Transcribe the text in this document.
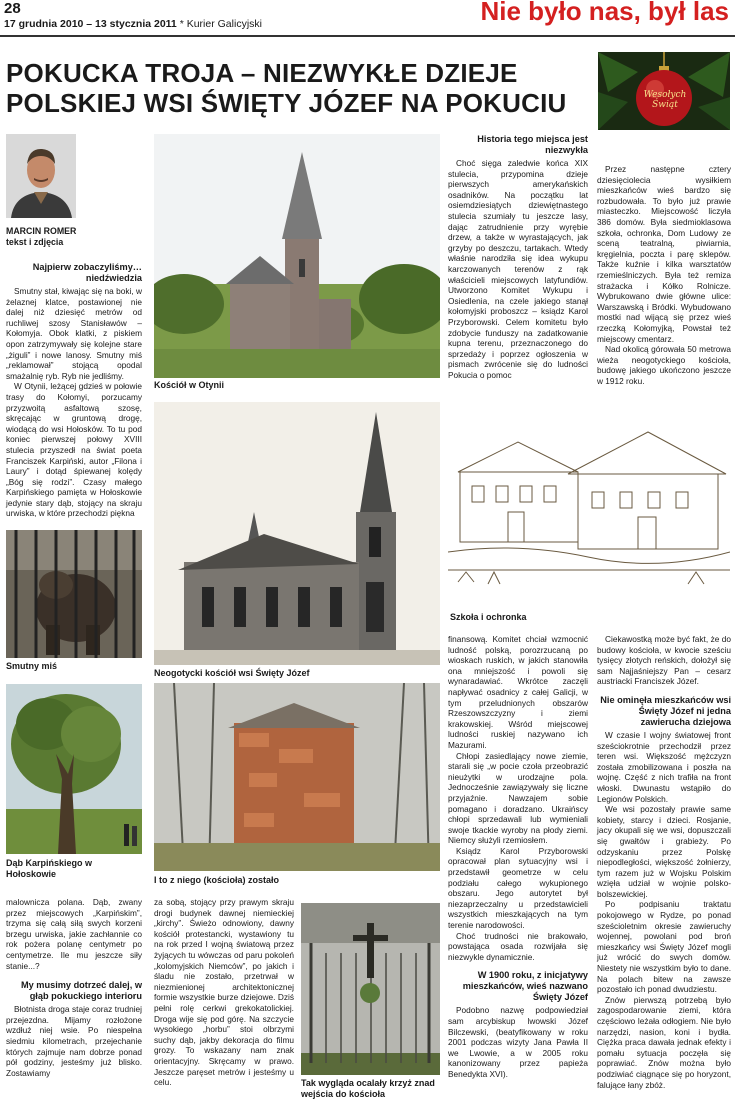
28
17 grudnia 2010 – 13 stycznia 2011 * Kurier Galicyjski	Nie było nas, był las
POKUCKA TROJA – NIEZWYKŁE DZIEJE POLSKIEJ WSI ŚWIĘTY JÓZEF NA POKUCIU	Wesołych Świąt
MARCIN ROMER
tekst i zdjęcia
Najpierw zobaczyliśmy… niedźwiedzia

Smutny stał, kiwając się na boki, w żelaznej klatce, postawionej nie dalej niż dziesięć metrów od ruchliwej szosy Stanisławów – Kołomyja. Obok klatki, z piskiem opon zatrzymywały się kolejne stare „żiguli” i nowe lanosy. Smutny miś „reklamował” stojącą opodal smażalnię ryb. Ryb nie jedliśmy.

W Otynii, leżącej gdzieś w połowie trasy do Kołomyi, porzucamy przyzwoitą asfaltową szosę, skręcając w gruntową drogę, wiodącą do wsi Hołosków. To tu pod koniec pierwszej połowy XVIII stulecia przyszedł na świat poeta Franciszek Karpiński, autor „Filona i Laury” i dotąd śpiewanej kolędy „Bóg się rodzi”. Czasy małego Karpińskiego pamięta w Hołoskowie jedynie stary dąb, stojący na skraju urwiska, w które przechodzi piękna

Smutny miś
Dąb Karpińskiego w Hołoskowie

malownicza polana. Dąb, zwany przez miejscowych „Karpińskim”, trzyma się całą siłą swych korzeni brzegu urwiska, jakie zachłannie co rok pożera polanę centymetr po centymetrze. Ile mu jeszcze siły stanie...?

My musimy dotrzeć dalej, w głąb pokuckiego interioru

Błotnista droga staje coraz trudniej przejezdna. Mijamy rozłożone wzdłuż niej wsie. Po niespełna siedmiu kilometrach, przejechanie których zajmuje nam dobrze ponad pół godziny, jesteśmy już blisko. Zostawiamy

Kościół w Otynii
Historia tego miejsca jest niezwykła

Choć sięga zaledwie końca XIX stulecia, przypomina dzieje pierwszych amerykańskich osadników. Na początku lat osiemdziesiątych dziewiętnastego stulecia szumiały tu jeszcze lasy, dając zatrudnienie przy wyrębie drzew, a także w wyrastających, jak grzyby po deszczu, tartakach. Wtedy właśnie narodziła się idea wykupu karczowanych terenów z rąk właścicieli miejscowych latyfundiów. Utworzono Komitet Wykupu i Osiedlenia, na czele jakiego stanął kołomyjski proboszcz – ksiądz Karol Przyborowski. Celem komitetu było zdobycie funduszy na zadatkowanie kupna terenu, przeznaczonego do sprzedaży i poprzez ogłoszenia w pismach zwrócenie się do ludności Pokucia o pomoc

Przez następne cztery dziesięciolecia wysiłkiem mieszkańców wieś bardzo się rozbudowała. To było już prawie miasteczko. Miejscowość liczyła 386 domów. Była siedmioklasowa szkoła, ochronka, Dom Ludowy ze sceną teatralną, piwiarnia, kręgielnia, poczta i parę sklepów. Także kuźnie i kilka warsztatów rzemieślniczych. Była też remiza strażacka i Kółko Rolnicze. Wybrukowano dwie główne ulice: Warszawską i Bródki. Wybudowano mostki nad wijącą się przez wieś rzeczką Kołomyjką, Powstał też miejscowy cmentarz.

Nad okolicą górowała 50 metrowa wieża neogotyckiego kościoła, budowę jakiego ukończono jeszcze w 1912 roku.

Neogotycki kościół wsi Święty Józef
Szkoła i ochronka
I to z niego (kościoła) zostało

za sobą, stojący przy prawym skraju drogi budynek dawnej niemieckiej „kirchy”. Świeżo odnowiony, dawny kościół protestancki, wystawiony tu na rok przed I wojną światową przez żyjących tu wówczas od paru pokoleń „kolomyjskich Niemców”, po jakich i śladu nie zostało, przetrwał w niezmienionej architektonicznej formie wszystkie burze dziejowe. Dziś pełni rolę cerkwi grekokatolickiej. Droga wije się pod górę. Na szczycie wysokiego „horbu” stoi olbrzymi suchy dąb, jakby dekoracja do filmu grozy. To wskazany nam znak orientacyjny. Skręcamy w prawo. Jeszcze paręset metrów i jesteśmy u celu.	Tak wygląda ocalały krzyż znad wejścia do kościoła

finansową. Komitet chciał wzmocnić ludność polską, porozrzucaną po wioskach ruskich, w jakich stanowiła ona mniejszość i powoli się wynaradawiać. Wkrótce zaczęli napływać osadnicy z całej Galicji, w tym przeludnionych obszarów Rzeszowszczyzny i ziemi krakowskiej. Wśród miejscowej ludności ruskiej nazywano ich Mazurami.

Chłopi zasiedlający nowe ziemie, starali się „w pocie czoła przeobrazić nieużytki w urodzajne pola. Jednocześnie zawiązywały się liczne przyjaźnie. Nawzajem sobie pomagano i doradzano. Ukraińscy chłopi sprzedawali lub wymieniali swoje tkackie wyroby na płody ziemi. Niemcy służyli rzemiosłem.

Ksiądz Karol Przyborowski opracował plan sytuacyjny wsi i przedstawił geometrze w celu podziału całego wykupionego obszaru. Jego autorytet był niezaprzeczalny u przedstawicieli wszystkich mieszkających na tym terenie narodowości.

Choć trudności nie brakowało, powstająca osada rozwijała się niezwykle dynamicznie.

W 1900 roku, z inicjatywy mieszkańców, wieś nazwano Święty Józef

Podobno nazwę podpowiedział sam arcybiskup lwowski Józef Bilczewski, (beatyfikowany w roku 2001 podczas wizyty Jana Pawła II we Lwowie, a w 2005 roku kanonizowany przez papieża Benedykta XVI).

Ciekawostką może być fakt, że do budowy kościoła, w kwocie sześciu tysięcy złotych reńskich, dołożył się sam Najjaśniejszy Pan – cesarz austriacki Franciszek Józef.

Nie ominęła mieszkańców wsi Święty Józef ni jedna zawierucha dziejowa

W czasie I wojny światowej front sześciokrotnie przechodził przez teren wsi. Większość mężczyzn została zmobilizowana i poszła na wojnę. Część z nich trafiła na front włoski. Dwunastu wstąpiło do Legionów Polskich.

We wsi pozostały prawie same kobiety, starcy i dzieci. Rosjanie, jacy okupali się we wsi, dopuszczali się gwałtów i grabieży. Po odzyskaniu przez Polskę niepodległości, większość żołnierzy, tym razem już w Wojsku Polskim wzięła udział w wojnie polsko-bolszewickiej.

Po podpisaniu traktatu pokojowego w Rydze, po ponad sześcioletnim okresie zawieruchy wojennej, powolani pod broń mieszkańcy wsi Święty Józef mogli już wrócić do swych domów. Niestety nie wszystkim było to dane. Na polach bitew na zawsze pozostało ich ponad dwudziestu.

Znów pierwszą potrzebą było zagospodarowanie ziemi, która częściowo leżała odłogiem. Nie było narzędzi, nasion, koni i bydła. Ciężka praca dawała jednak efekty i pomału sytuacja poczęła się poprawiać. Znów można było podziwiać ciągnące się po horyzont, falujące łany zbóż.
